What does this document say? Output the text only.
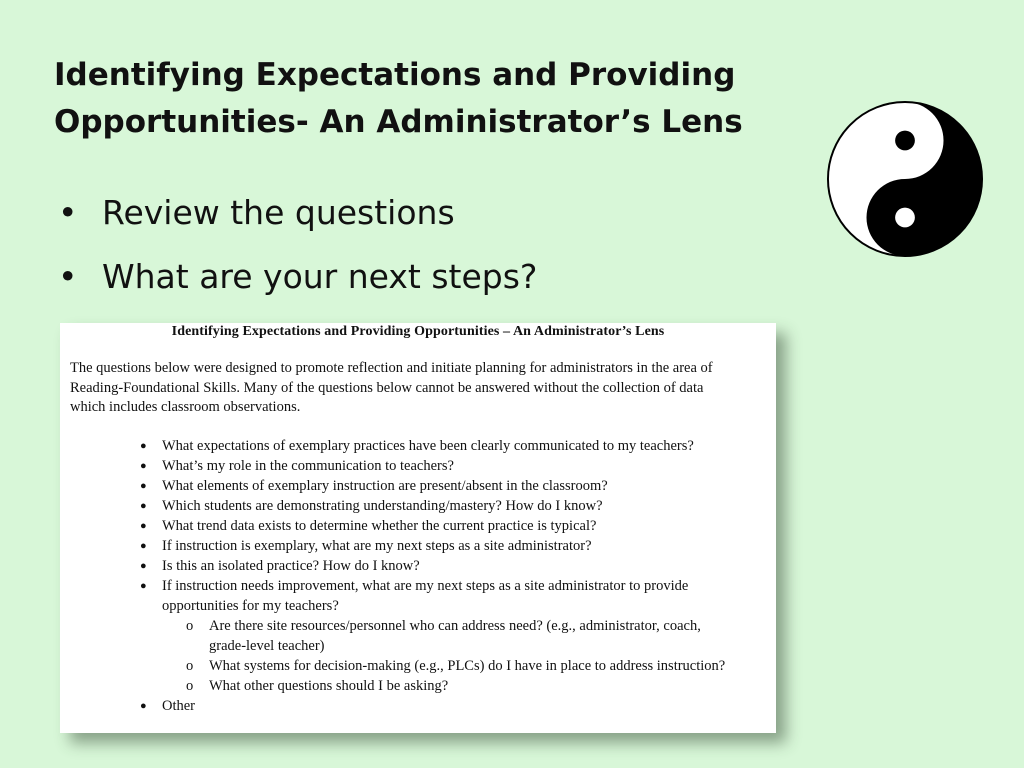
Identifying Expectations and Providing
Opportunities- An Administrator’s Lens
• Review the questions
• What are your next steps?
Identifying Expectations and Providing Opportunities – An Administrator’s Lens

The questions below were designed to promote reflection and initiate planning for administrators in the area of
Reading-Foundational Skills. Many of the questions below cannot be answered without the collection of data
which includes classroom observations.

● What expectations of exemplary practices have been clearly communicated to my teachers?
● What’s my role in the communication to teachers?
● What elements of exemplary instruction are present/absent in the classroom?
● Which students are demonstrating understanding/mastery? How do I know?
● What trend data exists to determine whether the current practice is typical?
● If instruction is exemplary, what are my next steps as a site administrator?
● Is this an isolated practice? How do I know?
● If instruction needs improvement, what are my next steps as a site administrator to provide
opportunities for my teachers?
o Are there site resources/personnel who can address need? (e.g., administrator, coach,
grade-level teacher)
o What systems for decision-making (e.g., PLCs) do I have in place to address instruction?
o What other questions should I be asking?
● Other
